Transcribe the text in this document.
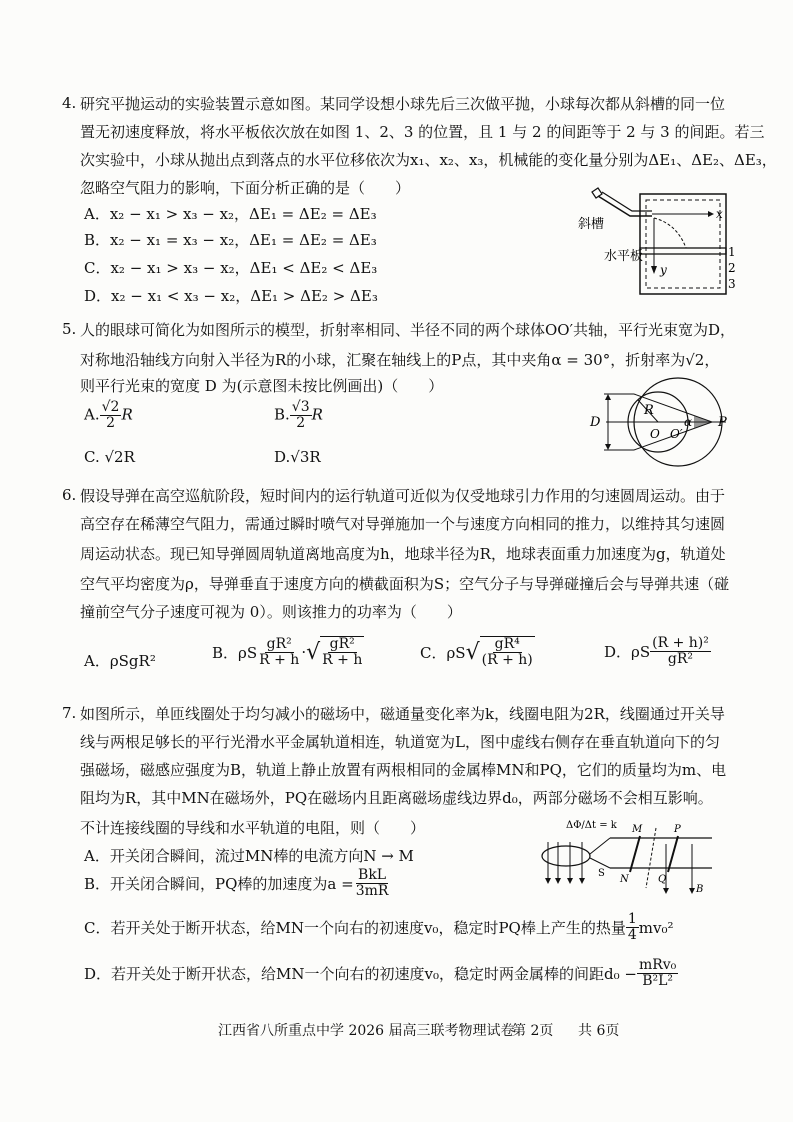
4. 研究平抛运动的实验装置示意如图。某同学设想小球先后三次做平抛，小球每次都从斜槽的同一位
置无初速度释放，将水平板依次放在如图 1、2、3 的位置，且 1 与 2 的间距等于 2 与 3 的间距。若三
次实验中，小球从抛出点到落点的水平位移依次为x₁、x₂、x₃，机械能的变化量分别为ΔE₁、ΔE₂、ΔE₃，
忽略空气阻力的影响，下面分析正确的是（　　）
A．x₂ − x₁ > x₃ − x₂，ΔE₁ = ΔE₂ = ΔE₃
B．x₂ − x₁ = x₃ − x₂，ΔE₁ = ΔE₂ = ΔE₃
C．x₂ − x₁ > x₃ − x₂，ΔE₁ < ΔE₂ < ΔE₃
D．x₂ − x₁ < x₃ − x₂，ΔE₁ > ΔE₂ > ΔE₃
x
y
斜槽
水平板	1
2
3
5. 人的眼球可简化为如图所示的模型，折射率相同、半径不同的两个球体OO′共轴，平行光束宽为D，
对称地沿轴线方向射入半径为R的小球，汇聚在轴线上的P点，其中夹角α = 30°，折射率为√2，
则平行光束的宽度 D 为(示意图未按比例画出)（　　）
A. $\frac{√2}{2}$ R	B. $\frac{√3}{2}$ R
C. √2R	D.√3R
D
R
O O′
α P
6. 假设导弹在高空巡航阶段，短时间内的运行轨道可近似为仅受地球引力作用的匀速圆周运动。由于
高空存在稀薄空气阻力，需通过瞬时喷气对导弹施加一个与速度方向相同的推力，以维持其匀速圆
周运动状态。现已知导弹圆周轨道离地高度为h，地球半径为R，地球表面重力加速度为g，轨道处
空气平均密度为ρ，导弹垂直于速度方向的横截面积为S；空气分子与导弹碰撞后会与导弹共速（碰
撞前空气分子速度可视为 0）。则该推力的功率为（　　）
A．ρSgR²	B．ρS $\frac{\text{gR²}}{R + h}$ · √ $\frac{\text{gR²}}{R + h}$	C．ρS √ $\frac{\text{gR⁴}}{(R + h)}$	D．ρS $\frac{\text{(R + h)²}}{\text{gR²}}$
7. 如图所示，单匝线圈处于均匀减小的磁场中，磁通量变化率为k，线圈电阻为2R，线圈通过开关导
线与两根足够长的平行光滑水平金属轨道相连，轨道宽为L，图中虚线右侧存在垂直轨道向下的匀
强磁场，磁感应强度为B，轨道上静止放置有两根相同的金属棒MN和PQ，它们的质量均为m、电
阻均为R，其中MN在磁场外，PQ在磁场内且距离磁场虚线边界d₀，两部分磁场不会相互影响。
不计连接线圈的导线和水平轨道的电阻，则（　　）
A．开关闭合瞬间，流过MN棒的电流方向N → M
B．开关闭合瞬间，PQ棒的加速度为$a = \frac{\text{BkL}}{3mR}$
C．若开关处于断开状态，给MN一个向右的初速度v₀，稳定时PQ棒上产生的热量 $\frac{1}{4} mv_0^2$
D．若开关处于断开状态，给MN一个向右的初速度v₀，稳定时两金属棒的间距$d_0 - \frac{\text{mRv₀}}{\text{B²L²}}$
ΔΦ/Δt = k M	P
S
N	Q
B
江西省八所重点中学 2026 届高三联考物理试卷
第 2页 共 6页
